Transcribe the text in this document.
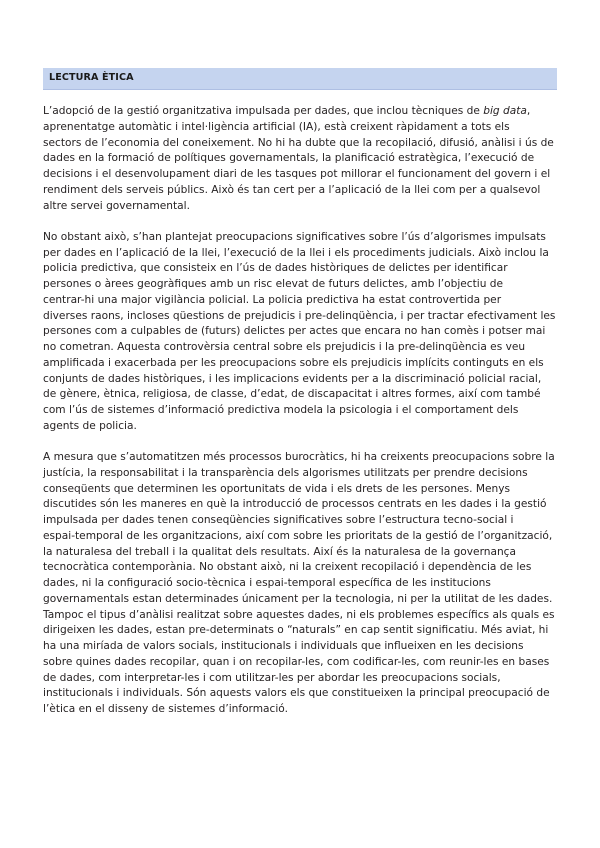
LECTURA ÈTICA

L’adopció de la gestió organitzativa impulsada per dades, que inclou tècniques de big data,
aprenentatge automàtic i intel·ligència artificial (IA), està creixent ràpidament a tots els
sectors de l’economia del coneixement. No hi ha dubte que la recopilació, difusió, anàlisi i ús de
dades en la formació de polítiques governamentals, la planificació estratègica, l’execució de
decisions i el desenvolupament diari de les tasques pot millorar el funcionament del govern i el
rendiment dels serveis públics. Això és tan cert per a l’aplicació de la llei com per a qualsevol
altre servei governamental.

No obstant això, s’han plantejat preocupacions significatives sobre l’ús d’algorismes impulsats
per dades en l’aplicació de la llei, l’execució de la llei i els procediments judicials. Això inclou la
policia predictiva, que consisteix en l’ús de dades històriques de delictes per identificar
persones o àrees geogràfiques amb un risc elevat de futurs delictes, amb l’objectiu de
centrar-hi una major vigilància policial. La policia predictiva ha estat controvertida per
diverses raons, incloses qüestions de prejudicis i pre-delinqüència, i per tractar efectivament les
persones com a culpables de (futurs) delictes per actes que encara no han comès i potser mai
no cometran. Aquesta controvèrsia central sobre els prejudicis i la pre-delinqüència es veu
amplificada i exacerbada per les preocupacions sobre els prejudicis implícits continguts en els
conjunts de dades històriques, i les implicacions evidents per a la discriminació policial racial,
de gènere, ètnica, religiosa, de classe, d’edat, de discapacitat i altres formes, així com també
com l’ús de sistemes d’informació predictiva modela la psicologia i el comportament dels
agents de policia.

A mesura que s’automatitzen més processos burocràtics, hi ha creixents preocupacions sobre la
justícia, la responsabilitat i la transparència dels algorismes utilitzats per prendre decisions
conseqüents que determinen les oportunitats de vida i els drets de les persones. Menys
discutides són les maneres en què la introducció de processos centrats en les dades i la gestió
impulsada per dades tenen conseqüències significatives sobre l’estructura tecno-social i
espai-temporal de les organitzacions, així com sobre les prioritats de la gestió de l’organització,
la naturalesa del treball i la qualitat dels resultats. Així és la naturalesa de la governança
tecnocràtica contemporània. No obstant això, ni la creixent recopilació i dependència de les
dades, ni la configuració socio-tècnica i espai-temporal específica de les institucions
governamentals estan determinades únicament per la tecnologia, ni per la utilitat de les dades.
Tampoc el tipus d’anàlisi realitzat sobre aquestes dades, ni els problemes específics als quals es
dirigeixen les dades, estan pre-determinats o “naturals” en cap sentit significatiu. Més aviat, hi
ha una miríada de valors socials, institucionals i individuals que influeixen en les decisions
sobre quines dades recopilar, quan i on recopilar-les, com codificar-les, com reunir-les en bases
de dades, com interpretar-les i com utilitzar-les per abordar les preocupacions socials,
institucionals i individuals. Són aquests valors els que constitueixen la principal preocupació de
l’ètica en el disseny de sistemes d’informació.
